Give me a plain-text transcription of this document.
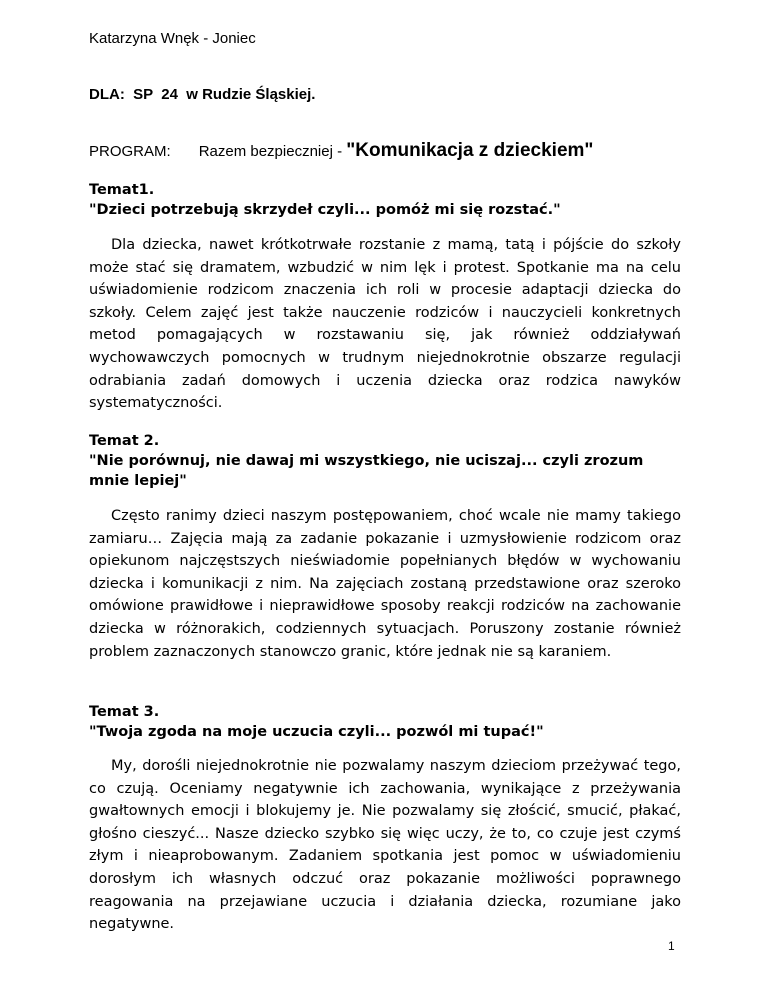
Katarzyna Wnęk - Joniec
DLA:  SP  24  w Rudzie Śląskiej.
PROGRAM: Razem bezpieczniej - "Komunikacja z dzieckiem"
Temat1.
"Dzieci potrzebują skrzydeł czyli... pomóż mi się rozstać."

Dla dziecka, nawet krótkotrwałe rozstanie z mamą, tatą i pójście do szkoły może stać się dramatem, wzbudzić w nim lęk i protest. Spotkanie ma na celu uświadomienie rodzicom znaczenia ich roli w procesie adaptacji dziecka do szkoły. Celem zajęć jest także nauczenie rodziców i nauczycieli konkretnych metod pomagających w rozstawaniu się, jak również oddziaływań wychowawczych pomocnych w trudnym niejednokrotnie obszarze regulacji odrabiania zadań domowych i uczenia dziecka oraz rodzica nawyków systematyczności.

Temat 2.
"Nie porównuj, nie dawaj mi wszystkiego, nie uciszaj... czyli zrozum mnie lepiej"

Często ranimy dzieci naszym postępowaniem, choć wcale nie mamy takiego zamiaru… Zajęcia mają za zadanie pokazanie i uzmysłowienie rodzicom oraz opiekunom najczęstszych nieświadomie popełnianych błędów w wychowaniu dziecka i komunikacji z nim. Na zajęciach zostaną przedstawione oraz szeroko omówione prawidłowe i nieprawidłowe sposoby reakcji rodziców na zachowanie dziecka w różnorakich, codziennych sytuacjach. Poruszony zostanie również problem zaznaczonych stanowczo granic, które jednak nie są karaniem.

Temat 3.
"Twoja zgoda na moje uczucia czyli... pozwól mi tupać!"

My, dorośli niejednokrotnie nie pozwalamy naszym dzieciom przeżywać tego, co czują. Oceniamy negatywnie ich zachowania, wynikające z przeżywania gwałtownych emocji i blokujemy je. Nie pozwalamy się złościć, smucić, płakać, głośno cieszyć... Nasze dziecko szybko się więc uczy, że to, co czuje jest czymś złym i nieaprobowanym. Zadaniem spotkania jest pomoc w uświadomieniu dorosłym ich własnych odczuć oraz pokazanie możliwości poprawnego reagowania na przejawiane uczucia i działania dziecka, rozumiane jako negatywne.

1
